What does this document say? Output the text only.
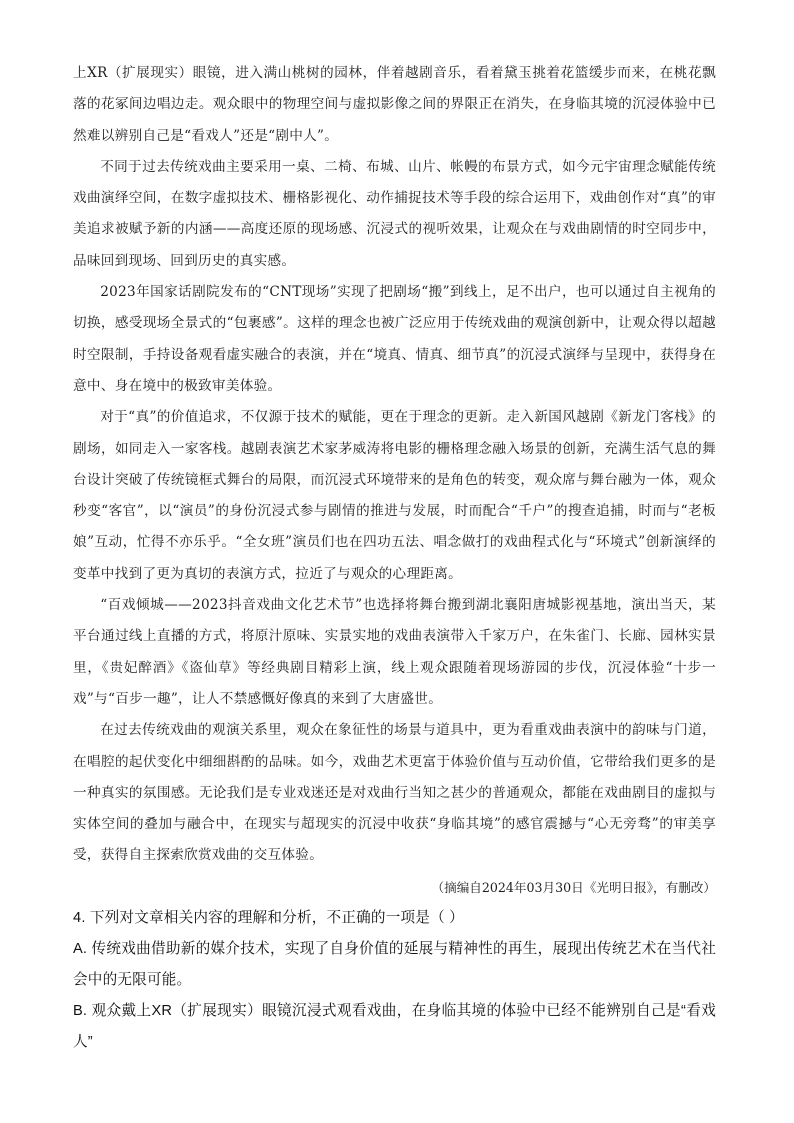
上XR（扩展现实）眼镜，进入满山桃树的园林，伴着越剧音乐，看着黛玉挑着花篮缓步而来，在桃花飘落的花冢间边唱边走。观众眼中的物理空间与虚拟影像之间的界限正在消失，在身临其境的沉浸体验中已然难以辨别自己是“看戏人”还是“剧中人”。

不同于过去传统戏曲主要采用一桌、二椅、布城、山片、帐幔的布景方式，如今元宇宙理念赋能传统戏曲演绎空间，在数字虚拟技术、栅格影视化、动作捕捉技术等手段的综合运用下，戏曲创作对“真”的审美追求被赋予新的内涵——高度还原的现场感、沉浸式的视听效果，让观众在与戏曲剧情的时空同步中，品味回到现场、回到历史的真实感。

2023年国家话剧院发布的“CNT现场”实现了把剧场“搬”到线上，足不出户，也可以通过自主视角的切换，感受现场全景式的“包裹感”。这样的理念也被广泛应用于传统戏曲的观演创新中，让观众得以超越时空限制，手持设备观看虚实融合的表演，并在“境真、情真、细节真”的沉浸式演绎与呈现中，获得身在意中、身在境中的极致审美体验。

对于“真”的价值追求，不仅源于技术的赋能，更在于理念的更新。走入新国风越剧《新龙门客栈》的剧场，如同走入一家客栈。越剧表演艺术家茅威涛将电影的栅格理念融入场景的创新，充满生活气息的舞台设计突破了传统镜框式舞台的局限，而沉浸式环境带来的是角色的转变，观众席与舞台融为一体，观众秒变“客官”，以“演员”的身份沉浸式参与剧情的推进与发展，时而配合“千户”的搜查追捕，时而与“老板娘”互动，忙得不亦乐乎。“全女班”演员们也在四功五法、唱念做打的戏曲程式化与“环境式”创新演绎的变革中找到了更为真切的表演方式，拉近了与观众的心理距离。

“百戏倾城——2023抖音戏曲文化艺术节”也选择将舞台搬到湖北襄阳唐城影视基地，演出当天，某平台通过线上直播的方式，将原汁原味、实景实地的戏曲表演带入千家万户，在朱雀门、长廊、园林实景里，《贵妃醉酒》《盗仙草》等经典剧目精彩上演，线上观众跟随着现场游园的步伐，沉浸体验“十步一戏”与“百步一趣”，让人不禁感慨好像真的来到了大唐盛世。

在过去传统戏曲的观演关系里，观众在象征性的场景与道具中，更为看重戏曲表演中的韵味与门道，在唱腔的起伏变化中细细斟酌的品味。如今，戏曲艺术更富于体验价值与互动价值，它带给我们更多的是一种真实的氛围感。无论我们是专业戏迷还是对戏曲行当知之甚少的普通观众，都能在戏曲剧目的虚拟与实体空间的叠加与融合中，在现实与超现实的沉浸中收获“身临其境”的感官震撼与“心无旁骛”的审美享受，获得自主探索欣赏戏曲的交互体验。

（摘编自2024年03月30日《光明日报》，有删改）

4. 下列对文章相关内容的理解和分析，不正确的一项是（ ）

A. 传统戏曲借助新的媒介技术，实现了自身价值的延展与精神性的再生，展现出传统艺术在当代社会中的无限可能。

B. 观众戴上XR（扩展现实）眼镜沉浸式观看戏曲，在身临其境的体验中已经不能辨别自己是“看戏人”
